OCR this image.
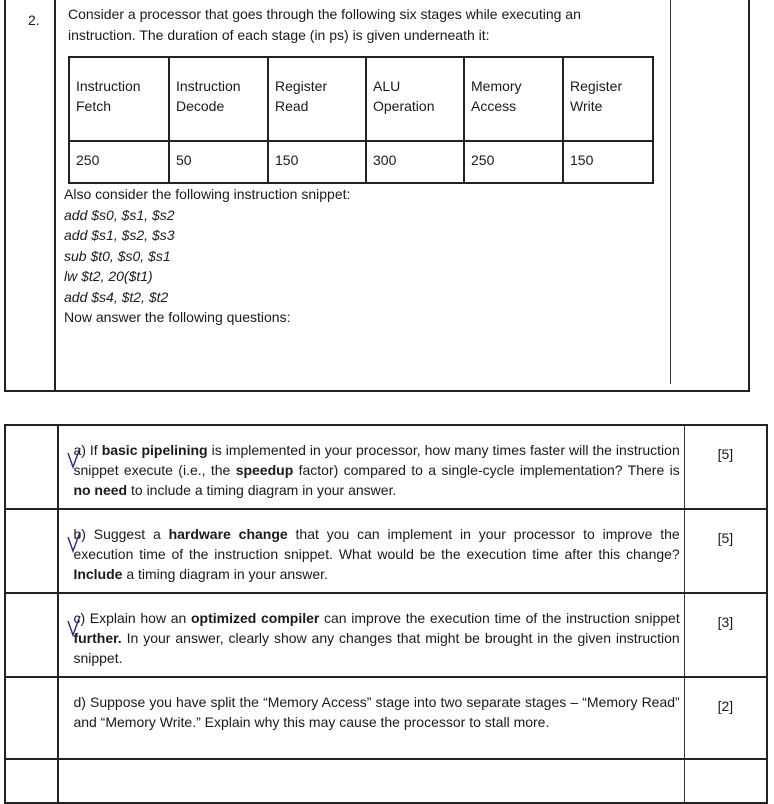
2. Consider a processor that goes through the following six stages while executing an instruction. The duration of each stage (in ps) is given underneath it:
Instruction Fetch	Instruction Decode	Register Read	ALU Operation	Memory Access	Register Write
250	50	150	300	250	150
Also consider the following instruction snippet:
add $s0, $s1, $s2
add $s1, $s2, $s3
sub $t0, $s0, $s1
lw $t2, 20($t1)
add $s4, $t2, $t2
Now answer the following questions:

a) If basic pipelining is implemented in your processor, how many times faster will the instruction snippet execute (i.e., the speedup factor) compared to a single-cycle implementation? There is no need to include a timing diagram in your answer.	[5]

b) Suggest a hardware change that you can implement in your processor to improve the execution time of the instruction snippet. What would be the execution time after this change? Include a timing diagram in your answer.	[5]

c) Explain how an optimized compiler can improve the execution time of the instruction snippet further. In your answer, clearly show any changes that might be brought in the given instruction snippet.	[3]
	d) Suppose you have split the “Memory Access” stage into two separate stages – “Memory Read” and “Memory Write.” Explain why this may cause the processor to stall more.	[2]
